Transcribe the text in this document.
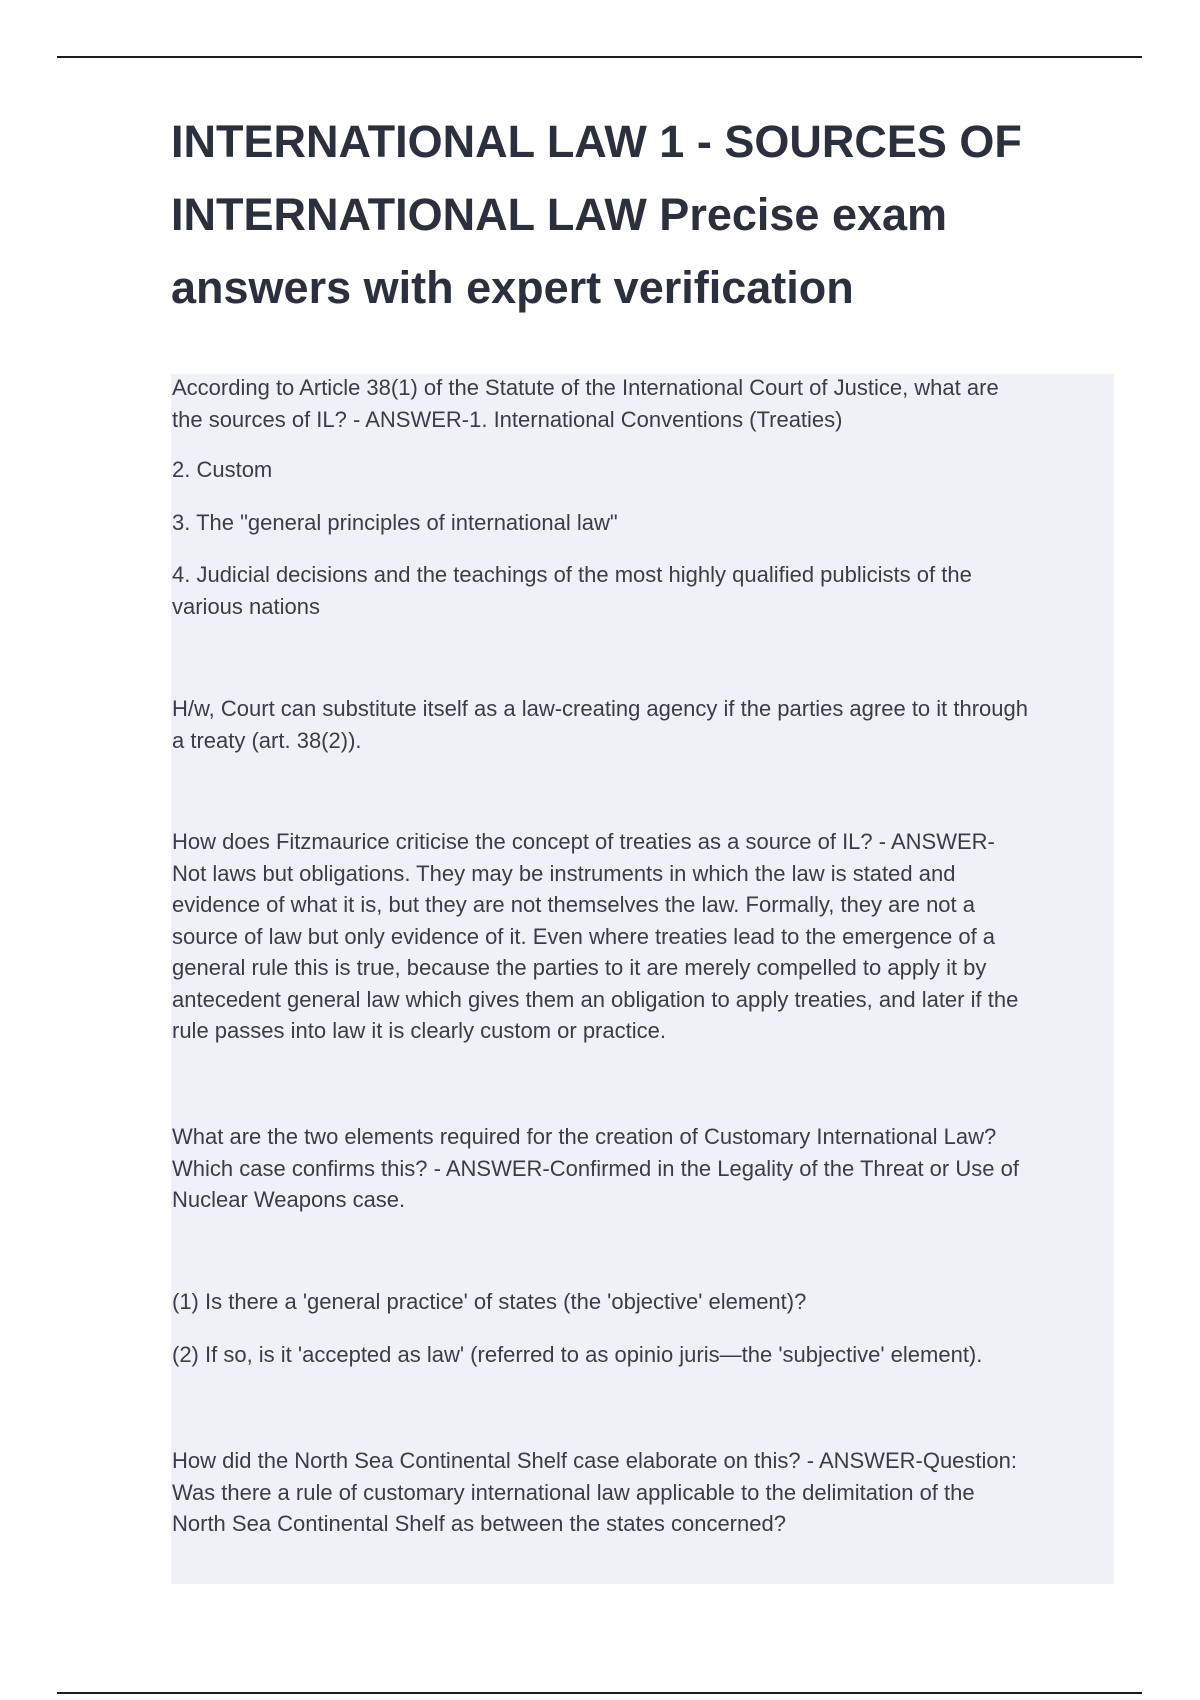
INTERNATIONAL LAW 1 - SOURCES OF INTERNATIONAL LAW Precise exam answers with expert verification

According to Article 38(1) of the Statute of the International Court of Justice, what are
the sources of IL? - ANSWER-1. International Conventions (Treaties)

2. Custom

3. The "general principles of international law"

4. Judicial decisions and the teachings of the most highly qualified publicists of the
various nations

H/w, Court can substitute itself as a law-creating agency if the parties agree to it through
a treaty (art. 38(2)).

How does Fitzmaurice criticise the concept of treaties as a source of IL? - ANSWER-
Not laws but obligations. They may be instruments in which the law is stated and
evidence of what it is, but they are not themselves the law. Formally, they are not a
source of law but only evidence of it. Even where treaties lead to the emergence of a
general rule this is true, because the parties to it are merely compelled to apply it by
antecedent general law which gives them an obligation to apply treaties, and later if the
rule passes into law it is clearly custom or practice.

What are the two elements required for the creation of Customary International Law?
Which case confirms this? - ANSWER-Confirmed in the Legality of the Threat or Use of
Nuclear Weapons case.

(1) Is there a 'general practice' of states (the 'objective' element)?

(2) If so, is it 'accepted as law' (referred to as opinio juris—the 'subjective' element).

How did the North Sea Continental Shelf case elaborate on this? - ANSWER-Question:
Was there a rule of customary international law applicable to the delimitation of the
North Sea Continental Shelf as between the states concerned?
